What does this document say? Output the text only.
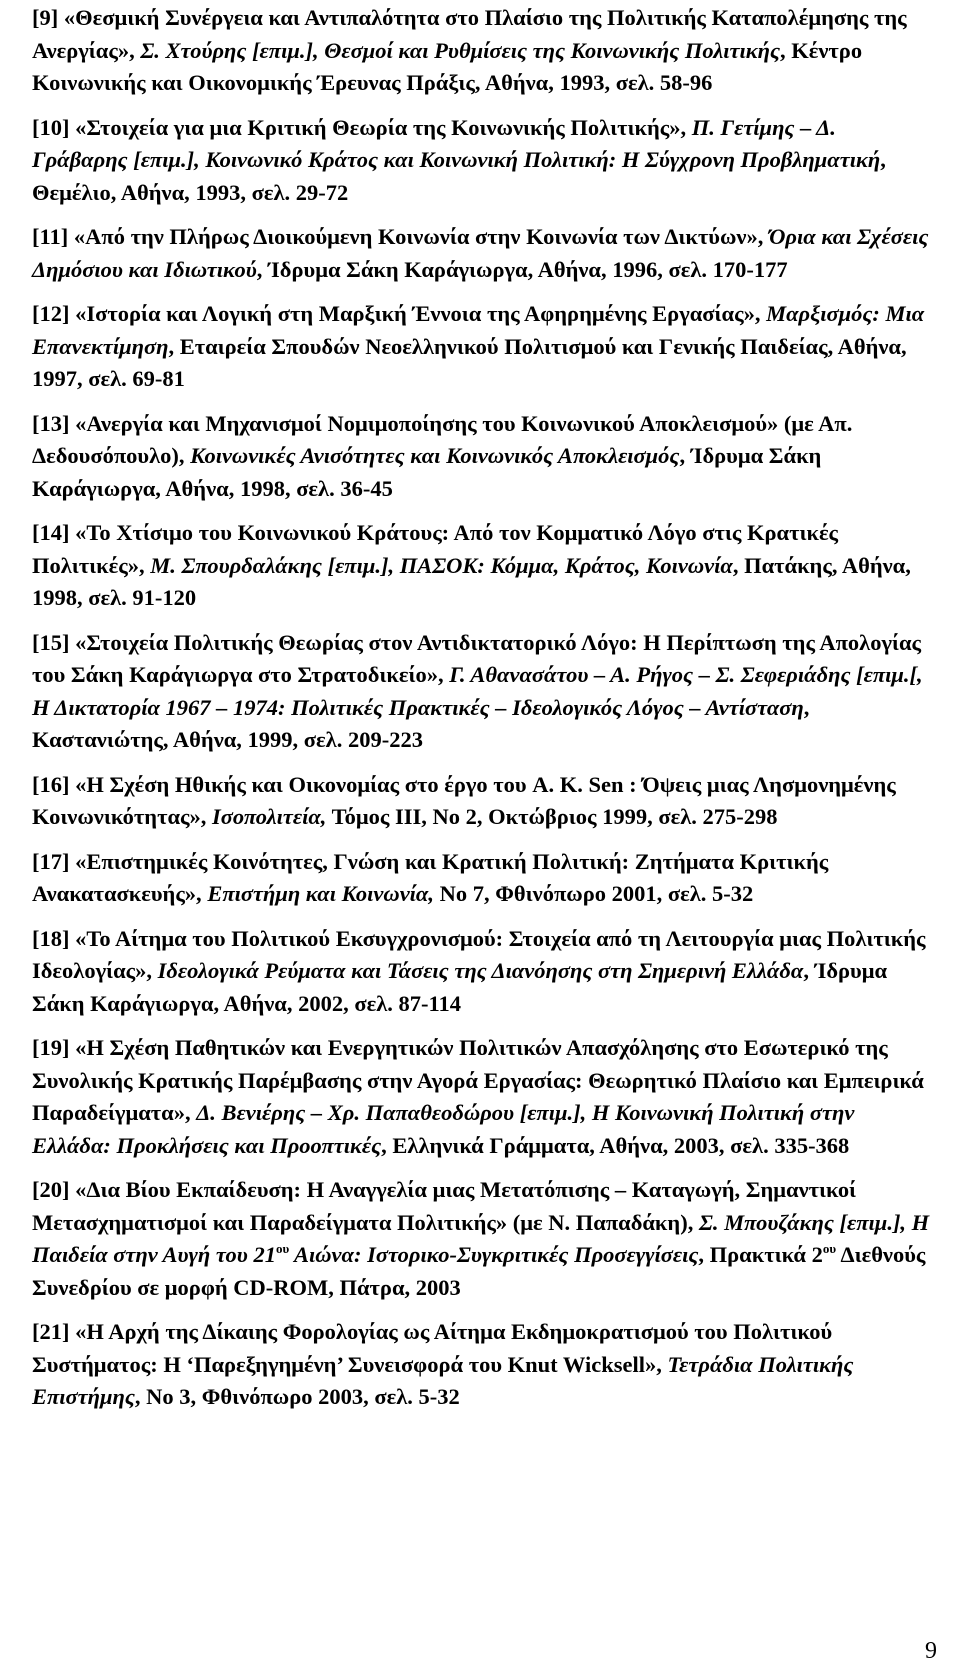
[9] «Θεσμική Συνέργεια και Αντιπαλότητα στο Πλαίσιο της Πολιτικής Καταπολέμησης της Ανεργίας», Σ. Χτούρης [επιμ.], Θεσμοί και Ρυθμίσεις της Κοινωνικής Πολιτικής, Κέντρο Κοινωνικής και Οικονομικής Έρευνας Πράξις, Αθήνα, 1993, σελ. 58-96

[10] «Στοιχεία για μια Κριτική Θεωρία της Κοινωνικής Πολιτικής», Π. Γετίμης – Δ. Γράβαρης [επιμ.], Κοινωνικό Κράτος και Κοινωνική Πολιτική: Η Σύγχρονη Προβληματική, Θεμέλιο, Αθήνα, 1993, σελ. 29-72

[11] «Από την Πλήρως Διοικούμενη Κοινωνία στην Κοινωνία των Δικτύων», Όρια και Σχέσεις Δημόσιου και Ιδιωτικού, Ίδρυμα Σάκη Καράγιωργα, Αθήνα, 1996, σελ. 170-177

[12] «Ιστορία και Λογική στη Μαρξική Έννοια της Αφηρημένης Εργασίας», Μαρξισμός: Μια Επανεκτίμηση, Εταιρεία Σπουδών Νεοελληνικού Πολιτισμού και Γενικής Παιδείας, Αθήνα, 1997, σελ. 69-81

[13] «Ανεργία και Μηχανισμοί Νομιμοποίησης του Κοινωνικού Αποκλεισμού» (με Απ. Δεδουσόπουλο), Κοινωνικές Ανισότητες και Κοινωνικός Αποκλεισμός, Ίδρυμα Σάκη Καράγιωργα, Αθήνα, 1998, σελ. 36-45

[14] «Το Χτίσιμο του Κοινωνικού Κράτους: Από τον Κομματικό Λόγο στις Κρατικές Πολιτικές», Μ. Σπουρδαλάκης [επιμ.], ΠΑΣΟΚ: Κόμμα, Κράτος, Κοινωνία, Πατάκης, Αθήνα, 1998, σελ. 91-120

[15] «Στοιχεία Πολιτικής Θεωρίας στον Αντιδικτατορικό Λόγο: Η Περίπτωση της Απολογίας του Σάκη Καράγιωργα στο Στρατοδικείο», Γ. Αθανασάτου – Α. Ρήγος – Σ. Σεφεριάδης [επιμ.[, Η Δικτατορία 1967 – 1974: Πολιτικές Πρακτικές – Ιδεολογικός Λόγος – Αντίσταση, Καστανιώτης, Αθήνα, 1999, σελ. 209-223

[16] «Η Σχέση Ηθικής και Οικονομίας στο έργο του A. K. Sen : Όψεις μιας Λησμονημένης Κοινωνικότητας», Ισοπολιτεία, Τόμος ΙΙΙ, Νο 2, Οκτώβριος 1999, σελ. 275-298

[17] «Επιστημικές Κοινότητες, Γνώση και Κρατική Πολιτική: Ζητήματα Κριτικής Ανακατασκευής», Επιστήμη και Κοινωνία, Νο 7, Φθινόπωρο 2001, σελ. 5-32

[18] «Το Αίτημα του Πολιτικού Εκσυγχρονισμού: Στοιχεία από τη Λειτουργία μιας Πολιτικής Ιδεολογίας», Ιδεολογικά Ρεύματα και Τάσεις της Διανόησης στη Σημερινή Ελλάδα, Ίδρυμα Σάκη Καράγιωργα, Αθήνα, 2002, σελ. 87-114

[19] «Η Σχέση Παθητικών και Ενεργητικών Πολιτικών Απασχόλησης στο Εσωτερικό της Συνολικής Κρατικής Παρέμβασης στην Αγορά Εργασίας: Θεωρητικό Πλαίσιο και Εμπειρικά Παραδείγματα», Δ. Βενιέρης – Χρ. Παπαθεοδώρου [επιμ.], Η Κοινωνική Πολιτική στην Ελλάδα: Προκλήσεις και Προοπτικές, Ελληνικά Γράμματα, Αθήνα, 2003, σελ. 335-368

[20] «Δια Βίου Εκπαίδευση: Η Αναγγελία μιας Μετατόπισης – Καταγωγή, Σημαντικοί Μετασχηματισμοί και Παραδείγματα Πολιτικής» (με Ν. Παπαδάκη), Σ. Μπουζάκης [επιμ.], Η Παιδεία στην Αυγή του $21^{o\upsilon}$ Αιώνα: Ιστορικο-Συγκριτικές Προσεγγίσεις, Πρακτικά $2^{o\upsilon}$ Διεθνούς Συνεδρίου σε μορφή CD-ROM, Πάτρα, 2003

[21] «Η Αρχή της Δίκαιης Φορολογίας ως Αίτημα Εκδημοκρατισμού του Πολιτικού Συστήματος: Η ‘Παρεξηγημένη’ Συνεισφορά του Knut Wicksell», Τετράδια Πολιτικής Επιστήμης, Νο 3, Φθινόπωρο 2003, σελ. 5-32

9
